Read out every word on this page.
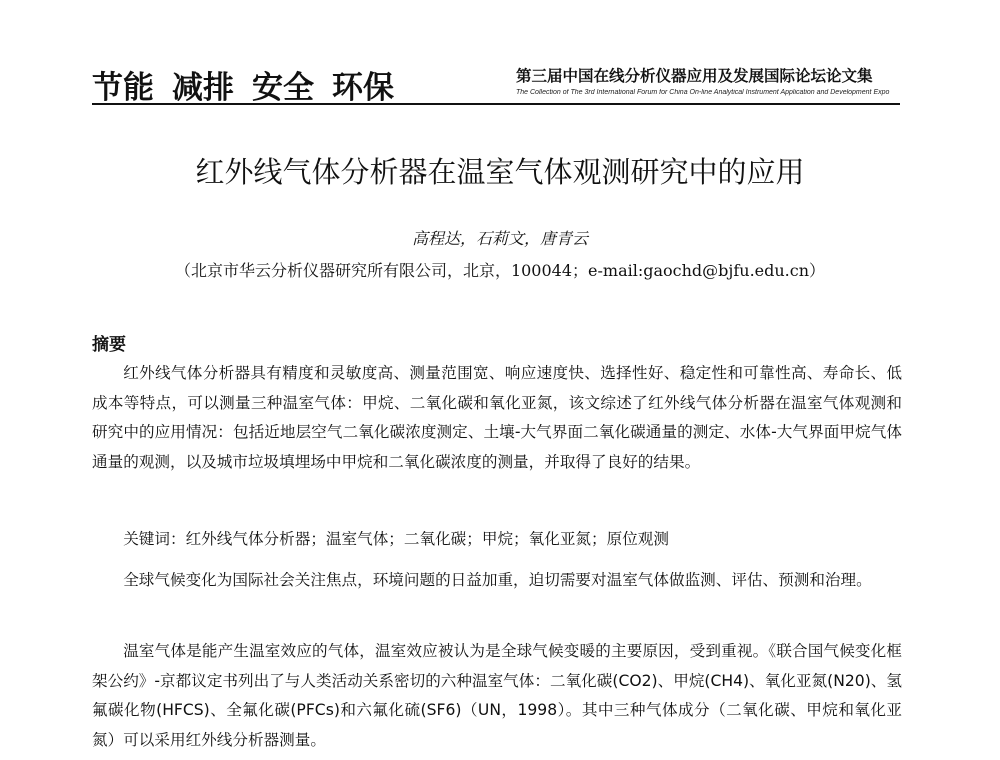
节能 减排 安全 环保	第三届中国在线分析仪器应用及发展国际论坛论文集
The Collection of The 3rd International Forum for China On-line Analytical Instrument Application and Development Expo
红外线气体分析器在温室气体观测研究中的应用
高程达，石莉文，唐青云
（北京市华云分析仪器研究所有限公司，北京，100044；e-mail:gaochd@bjfu.edu.cn）
摘要

红外线气体分析器具有精度和灵敏度高、测量范围宽、响应速度快、选择性好、稳定性和可靠性高、寿命长、低成本等特点，可以测量三种温室气体：甲烷、二氧化碳和氧化亚氮，该文综述了红外线气体分析器在温室气体观测和研究中的应用情况：包括近地层空气二氧化碳浓度测定、土壤-大气界面二氧化碳通量的测定、水体-大气界面甲烷气体通量的观测，以及城市垃圾填埋场中甲烷和二氧化碳浓度的测量，并取得了良好的结果。

关键词：红外线气体分析器；温室气体；二氧化碳；甲烷；氧化亚氮；原位观测

全球气候变化为国际社会关注焦点，环境问题的日益加重，迫切需要对温室气体做监测、评估、预测和治理。

温室气体是能产生温室效应的气体，温室效应被认为是全球气候变暖的主要原因，受到重视。《联合国气候变化框架公约》-京都议定书列出了与人类活动关系密切的六种温室气体：二氧化碳(CO2)、甲烷(CH4)、氧化亚氮(N20)、氢氟碳化物(HFCS)、全氟化碳(PFCs)和六氟化硫(SF6)（UN，1998）。其中三种气体成分（二氧化碳、甲烷和氧化亚氮）可以采用红外线分析器测量。
